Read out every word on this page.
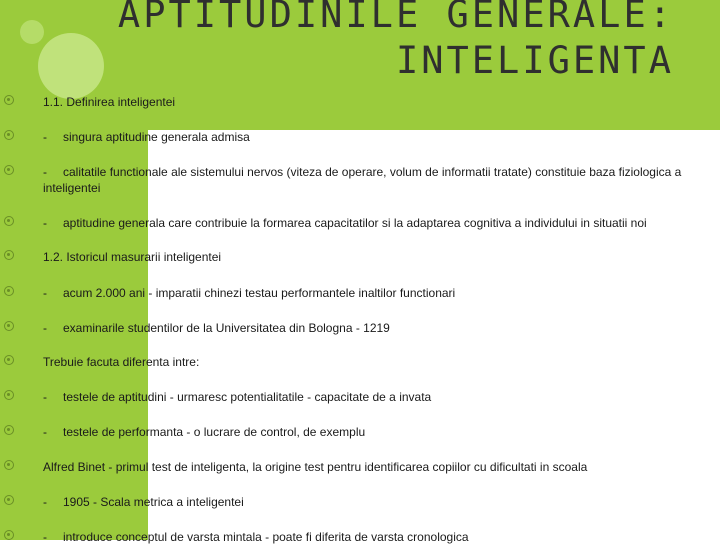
APTITUDINILE GENERALE:
INTELIGENTA
1.1. Definirea inteligentei
- singura aptitudine generala admisa
- calitatile functionale ale sistemului nervos (viteza de operare, volum de informatii tratate) constituie baza fiziologica a
inteligentei
- aptitudine generala care contribuie la formarea capacitatilor si la adaptarea cognitiva a individului in situatii noi
1.2. Istoricul masurarii inteligentei
- acum 2.000 ani - imparatii chinezi testau performantele inaltilor functionari
- examinarile studentilor de la Universitatea din Bologna - 1219
Trebuie facuta diferenta intre:
- testele de aptitudini - urmaresc potentialitatile - capacitate de a invata
- testele de performanta - o lucrare de control, de exemplu
Alfred Binet - primul test de inteligenta, la origine test pentru identificarea copiilor cu dificultati in scoala
- 1905 - Scala metrica a inteligentei
- introduce conceptul de varsta mintala - poate fi diferita de varsta cronologica
